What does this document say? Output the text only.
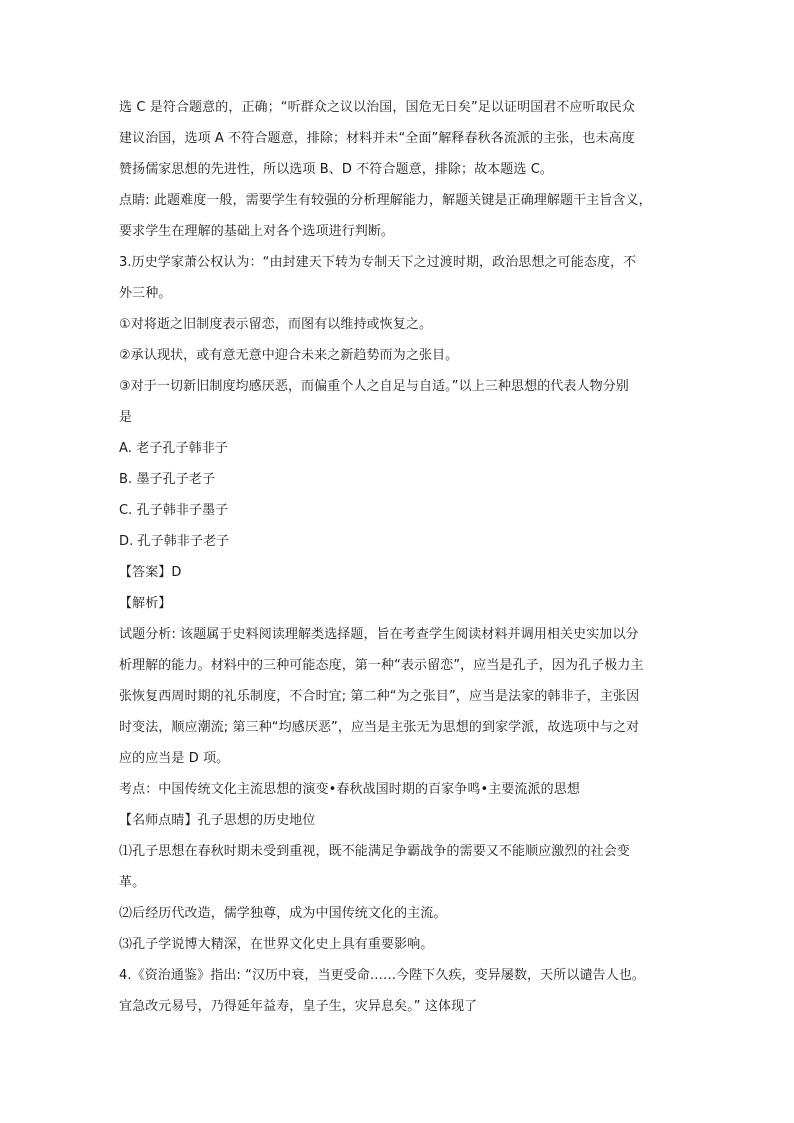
选 C 是符合题意的，正确；“听群众之议以治国，国危无日矣”足以证明国君不应听取民众
建议治国，选项 A 不符合题意，排除；材料并未“全面”解释春秋各流派的主张，也未高度
赞扬儒家思想的先进性，所以选项 B、D 不符合题意，排除；故本题选 C。
点睛: 此题难度一般，需要学生有较强的分析理解能力，解题关键是正确理解题干主旨含义，
要求学生在理解的基础上对各个选项进行判断。
3.历史学家萧公权认为：“由封建天下转为专制天下之过渡时期，政治思想之可能态度，不
外三种。
①对将逝之旧制度表示留恋，而图有以维持或恢复之。
②承认现状，或有意无意中迎合未来之新趋势而为之张目。
③对于一切新旧制度均感厌恶，而偏重个人之自足与自适。”以上三种思想的代表人物分别
是
A. 老子孔子韩非子
B. 墨子孔子老子
C. 孔子韩非子墨子
D. 孔子韩非子老子
【答案】D
【解析】
试题分析: 该题属于史料阅读理解类选择题，旨在考查学生阅读材料并调用相关史实加以分
析理解的能力。材料中的三种可能态度，第一种“表示留恋”，应当是孔子，因为孔子极力主
张恢复西周时期的礼乐制度，不合时宜; 第二种“为之张目”，应当是法家的韩非子，主张因
时变法，顺应潮流; 第三种“均感厌恶”，应当是主张无为思想的到家学派，故选项中与之对
应的应当是 D 项。
考点：中国传统文化主流思想的演变•春秋战国时期的百家争鸣•主要流派的思想
【名师点睛】孔子思想的历史地位
⑴孔子思想在春秋时期未受到重视，既不能满足争霸战争的需要又不能顺应激烈的社会变
革。
⑵后经历代改造，儒学独尊，成为中国传统文化的主流。
⑶孔子学说博大精深，在世界文化史上具有重要影响。
4.《资治通鉴》指出: “汉历中衰，当更受命……今陛下久疾，变异屡数，天所以谴告人也。
宜急改元易号，乃得延年益寿，皇子生，灾异息矣。” 这体现了
